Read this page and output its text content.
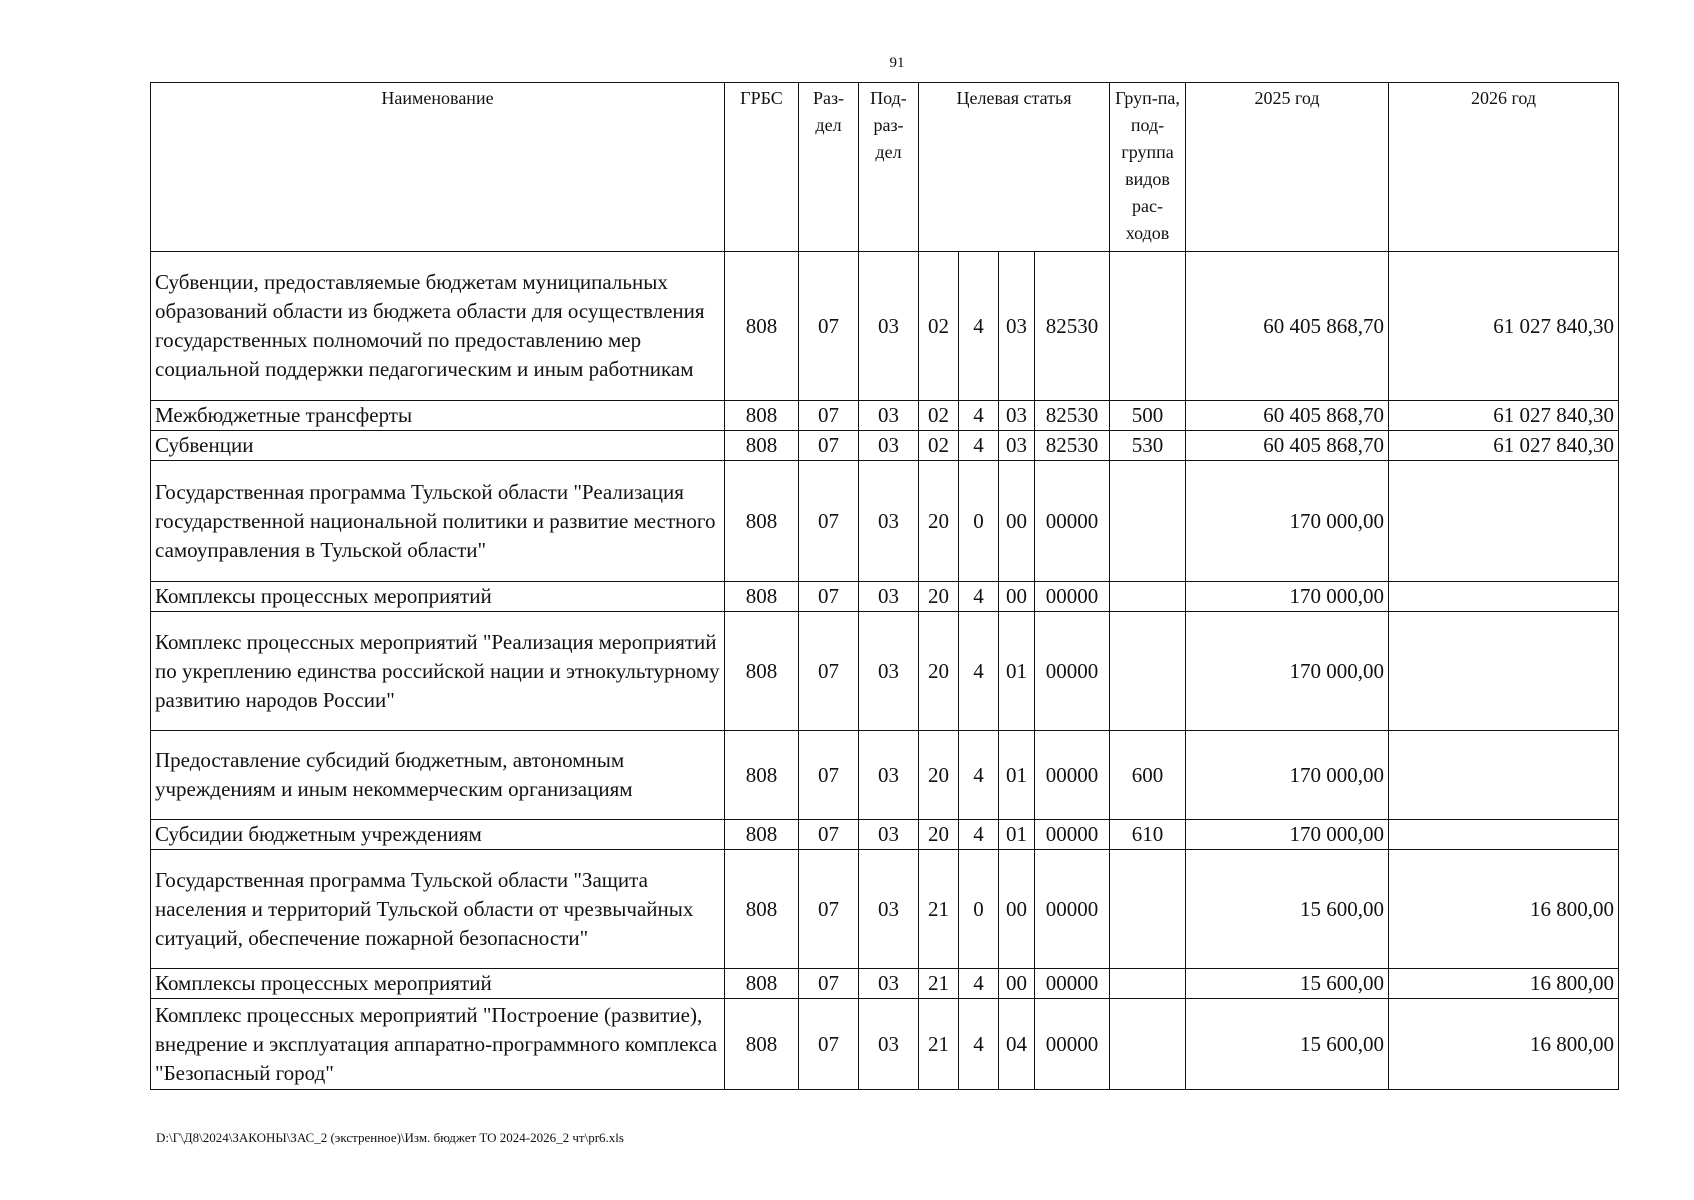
91
Наименование	ГРБС	Раз-дел	Под-раз-дел	Целевая статья				Груп-па, под-группа видов рас-ходов	2025 год	2026 год
Субвенции, предоставляемые бюджетам муниципальных образований области из бюджета области для осуществления государственных полномочий по предоставлению мер социальной поддержки педагогическим и иным работникам	808	07	03	02	4	03	82530		60 405 868,70	61 027 840,30
Межбюджетные трансферты	808	07	03	02	4	03	82530	500	60 405 868,70	61 027 840,30
Субвенции	808	07	03	02	4	03	82530	530	60 405 868,70	61 027 840,30
Государственная программа Тульской области "Реализация государственной национальной политики и развитие местного самоуправления в Тульской области"	808	07	03	20	0	00	00000		170 000,00	
Комплексы процессных мероприятий	808	07	03	20	4	00	00000		170 000,00	
Комплекс процессных мероприятий "Реализация мероприятий по укреплению единства российской нации и этнокультурному развитию народов России"	808	07	03	20	4	01	00000		170 000,00	
Предоставление субсидий бюджетным, автономным учреждениям и иным некоммерческим организациям	808	07	03	20	4	01	00000	600	170 000,00	
Субсидии бюджетным учреждениям	808	07	03	20	4	01	00000	610	170 000,00	
Государственная программа Тульской области "Защита населения и территорий Тульской области от чрезвычайных ситуаций, обеспечение пожарной безопасности"	808	07	03	21	0	00	00000		15 600,00	16 800,00
Комплексы процессных мероприятий	808	07	03	21	4	00	00000		15 600,00	16 800,00
Комплекс процессных мероприятий "Построение (развитие), внедрение и эксплуатация аппаратно-программного комплекса "Безопасный город"	808	07	03	21	4	04	00000		15 600,00	16 800,00
D:\Г\Д8\2024\ЗАКОНЫ\ЗАС_2 (экстренное)\Изм. бюджет ТО 2024-2026_2 чт\pr6.xls
